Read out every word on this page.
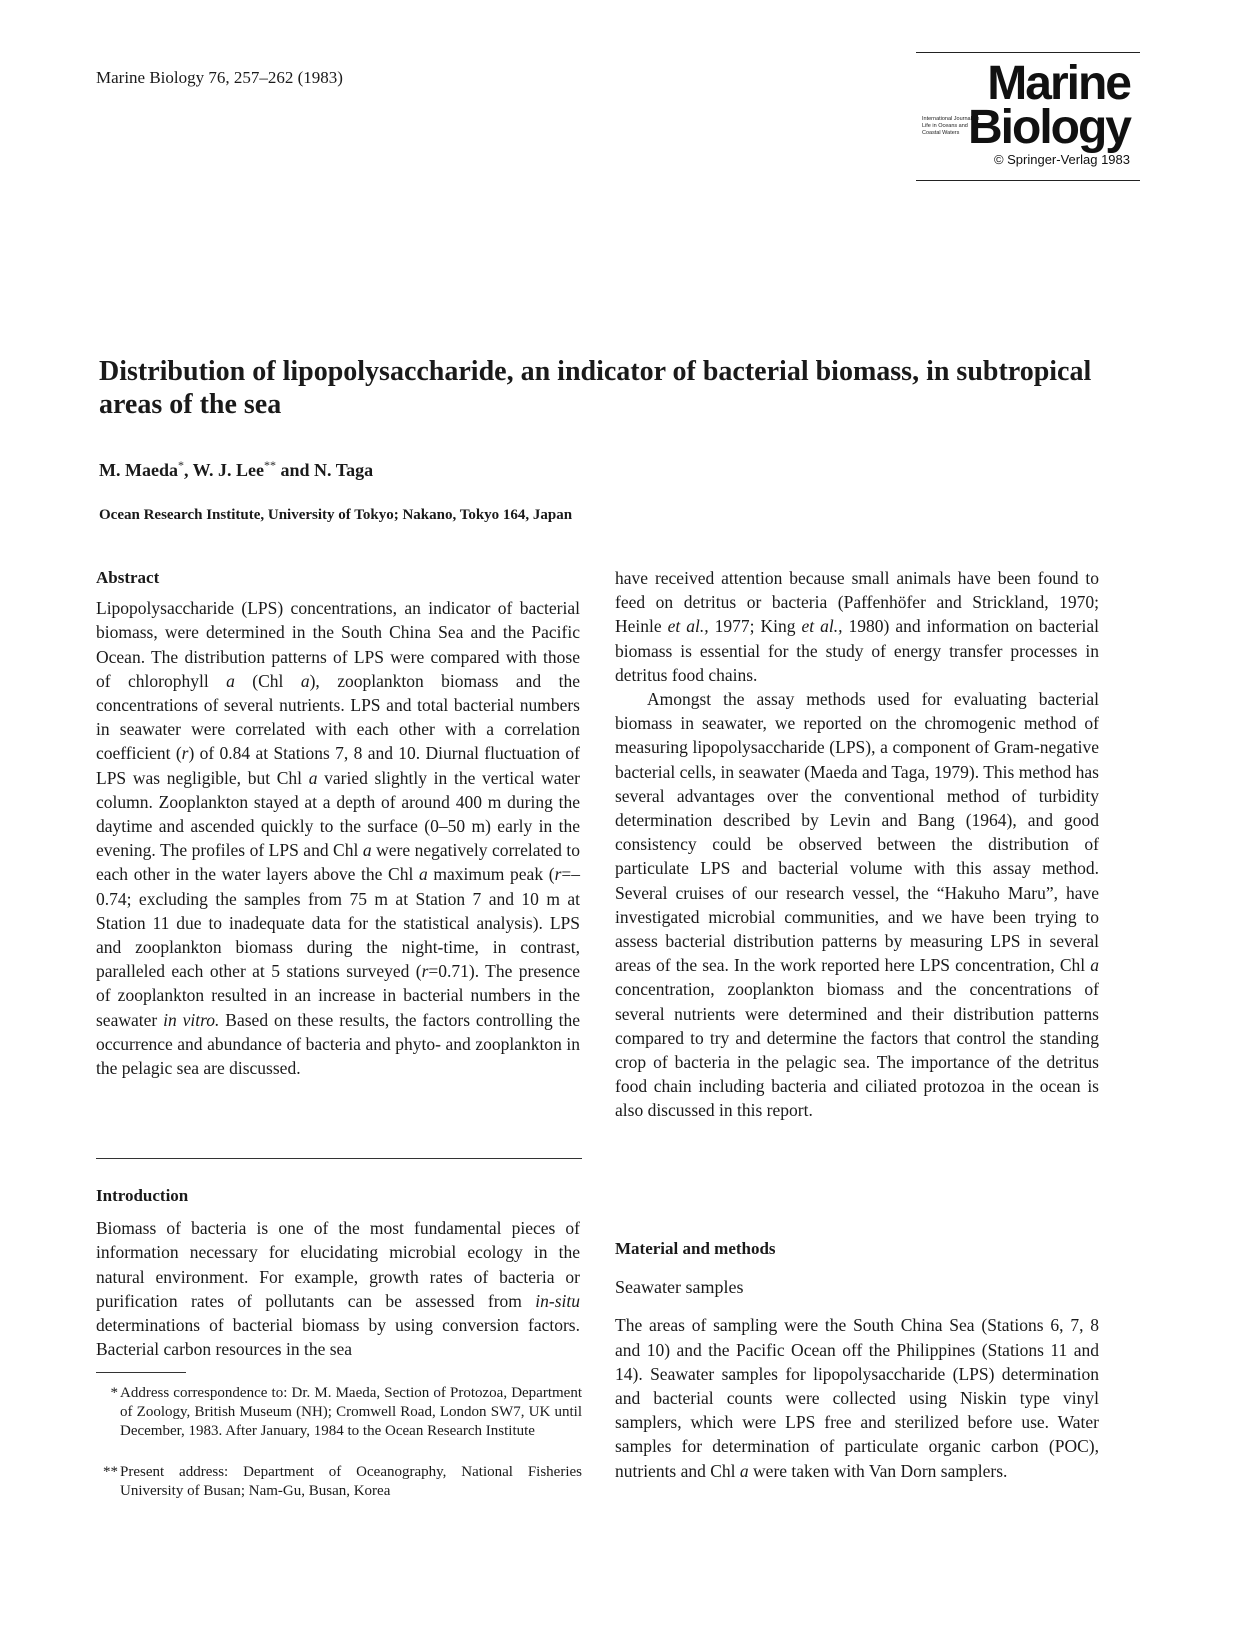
Marine Biology 76, 257–262 (1983)	Marine
International Journal on Life in Oceans and Coastal Waters Biology
© Springer-Verlag 1983
Distribution of lipopolysaccharide, an indicator of bacterial biomass, in subtropical areas of the sea
M. Maeda*, W. J. Lee** and N. Taga
Ocean Research Institute, University of Tokyo; Nakano, Tokyo 164, Japan
Abstract

Lipopolysaccharide (LPS) concentrations, an indicator of bacterial biomass, were determined in the South China Sea and the Pacific Ocean. The distribution patterns of LPS were compared with those of chlorophyll a (Chl a), zooplankton biomass and the concentrations of several nutrients. LPS and total bacterial numbers in seawater were correlated with each other with a correlation coefficient (r) of 0.84 at Stations 7, 8 and 10. Diurnal fluctuation of LPS was negligible, but Chl a varied slightly in the vertical water column. Zooplankton stayed at a depth of around 400 m during the daytime and ascended quickly to the surface (0–50 m) early in the evening. The profiles of LPS and Chl a were negatively correlated to each other in the water layers above the Chl a maximum peak (r=–0.74; excluding the samples from 75 m at Station 7 and 10 m at Station 11 due to inadequate data for the statistical analysis). LPS and zooplankton biomass during the night-time, in contrast, paralleled each other at 5 stations surveyed (r=0.71). The presence of zooplankton resulted in an increase in bacterial numbers in the seawater in vitro. Based on these results, the factors controlling the occurrence and abundance of bacteria and phyto- and zooplankton in the pelagic sea are discussed.

Introduction

Biomass of bacteria is one of the most fundamental pieces of information necessary for elucidating microbial ecology in the natural environment. For example, growth rates of bacteria or purification rates of pollutants can be assessed from in-situ determinations of bacterial biomass by using conversion factors. Bacterial carbon resources in the sea

* Address correspondence to: Dr. M. Maeda, Section of Protozoa, Department of Zoology, British Museum (NH); Cromwell Road, London SW7, UK until December, 1983. After January, 1984 to the Ocean Research Institute
** Present address: Department of Oceanography, National Fisheries University of Busan; Nam-Gu, Busan, Korea

have received attention because small animals have been found to feed on detritus or bacteria (Paffenhöfer and Strickland, 1970; Heinle et al., 1977; King et al., 1980) and information on bacterial biomass is essential for the study of energy transfer processes in detritus food chains.

Amongst the assay methods used for evaluating bacterial biomass in seawater, we reported on the chromogenic method of measuring lipopolysaccharide (LPS), a component of Gram-negative bacterial cells, in seawater (Maeda and Taga, 1979). This method has several advantages over the conventional method of turbidity determination described by Levin and Bang (1964), and good consistency could be observed between the distribution of particulate LPS and bacterial volume with this assay method. Several cruises of our research vessel, the “Hakuho Maru”, have investigated microbial communities, and we have been trying to assess bacterial distribution patterns by measuring LPS in several areas of the sea. In the work reported here LPS concentration, Chl a concentration, zooplankton biomass and the concentrations of several nutrients were determined and their distribution patterns compared to try and determine the factors that control the standing crop of bacteria in the pelagic sea. The importance of the detritus food chain including bacteria and ciliated protozoa in the ocean is also discussed in this report.

Material and methods
Seawater samples

The areas of sampling were the South China Sea (Stations 6, 7, 8 and 10) and the Pacific Ocean off the Philippines (Stations 11 and 14). Seawater samples for lipopolysaccharide (LPS) determination and bacterial counts were collected using Niskin type vinyl samplers, which were LPS free and sterilized before use. Water samples for determination of particulate organic carbon (POC), nutrients and Chl a were taken with Van Dorn samplers.
